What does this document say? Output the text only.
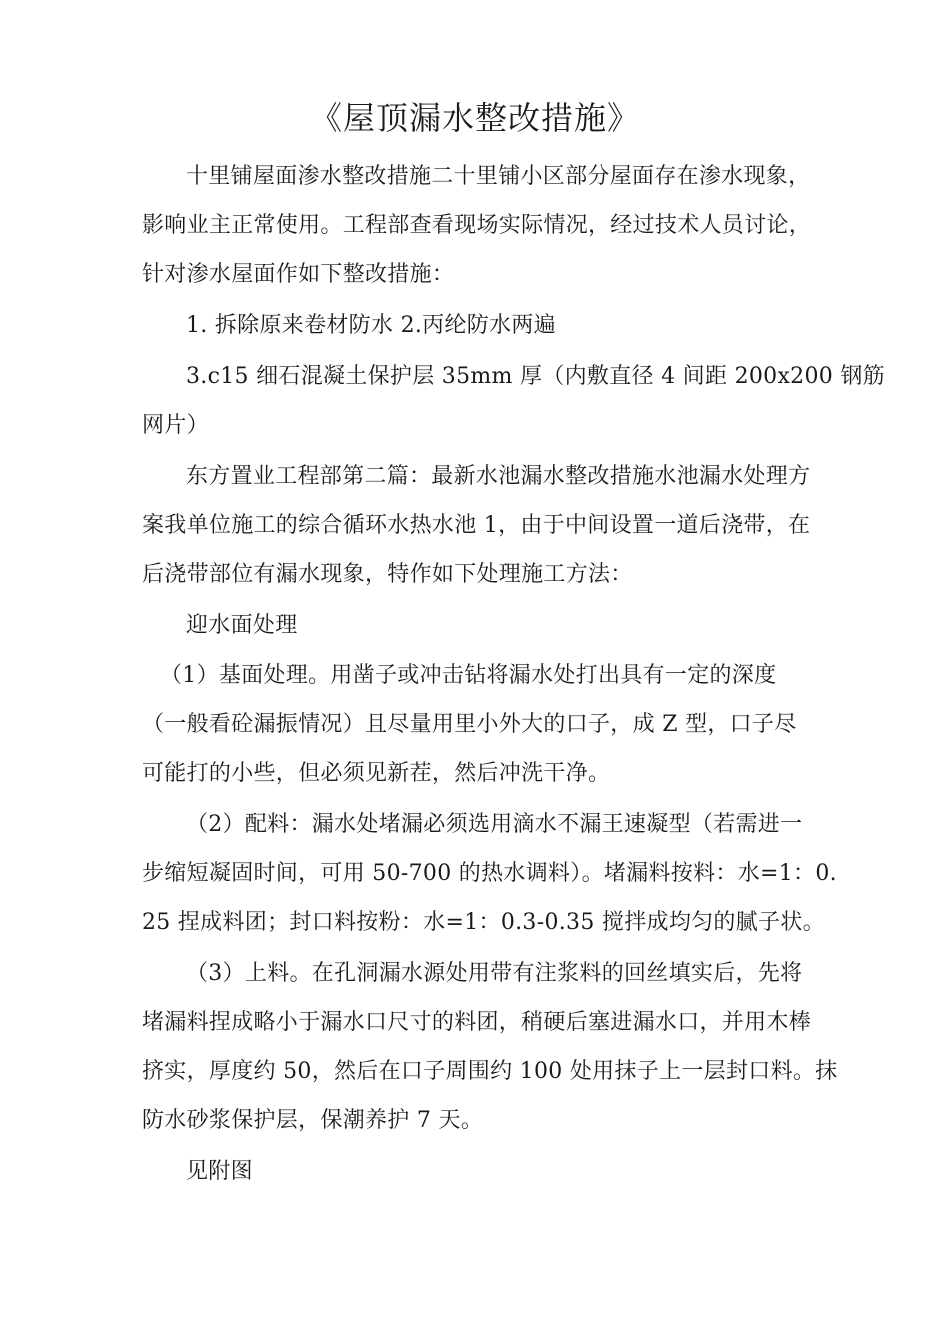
《屋顶漏水整改措施》
十里铺屋面渗水整改措施二十里铺小区部分屋面存在渗水现象，
影响业主正常使用。工程部查看现场实际情况，经过技术人员讨论，
针对渗水屋面作如下整改措施：
1. 拆除原来卷材防水 2.丙纶防水两遍
3.c15 细石混凝土保护层 35mm 厚（内敷直径 4 间距 200x200 钢筋
网片）
东方置业工程部第二篇：最新水池漏水整改措施水池漏水处理方
案我单位施工的综合循环水热水池 1，由于中间设置一道后浇带，在
后浇带部位有漏水现象，特作如下处理施工方法：
迎水面处理
（1）基面处理。用凿子或冲击钻将漏水处打出具有一定的深度
（一般看砼漏振情况）且尽量用里小外大的口子，成 Z 型，口子尽
可能打的小些，但必须见新茬，然后冲洗干净。
（2）配料：漏水处堵漏必须选用滴水不漏王速凝型（若需进一
步缩短凝固时间，可用 50-700 的热水调料）。堵漏料按料：水=1：0.
25 捏成料团；封口料按粉：水=1：0.3-0.35 搅拌成均匀的腻子状。
（3）上料。在孔洞漏水源处用带有注浆料的回丝填实后，先将
堵漏料捏成略小于漏水口尺寸的料团，稍硬后塞进漏水口，并用木棒
挤实，厚度约 50，然后在口子周围约 100 处用抹子上一层封口料。抹
防水砂浆保护层，保潮养护 7 天。
见附图
